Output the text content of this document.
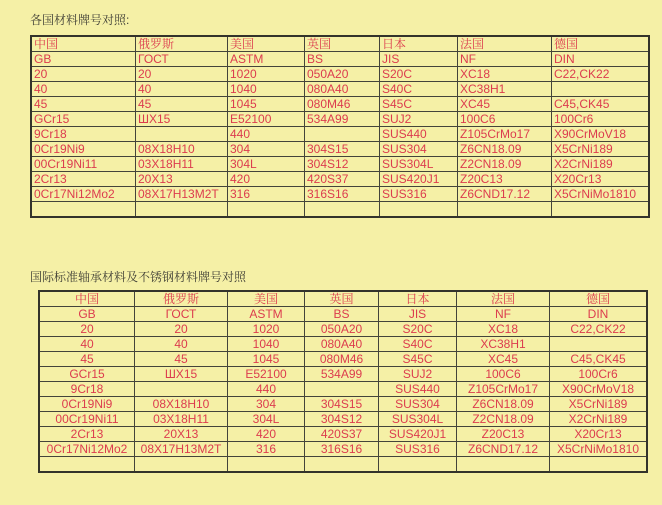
各国材料牌号对照:

中国	俄罗斯	美国	英国	日本	法国	德国
GB	ГОСТ	ASTM	BS	JIS	NF	DIN
20	20	1020	050A20	S20C	XC18	C22,CK22
40	40	1040	080A40	S40C	XC38H1	
45	45	1045	080M46	S45C	XC45	C45,CK45
GCr15	ШХ15	E52100	534A99	SUJ2	100C6	100Cr6
9Cr18		440		SUS440	Z105CrMo17	X90CrMoV18
0Cr19Ni9	08X18H10	304	304S15	SUS304	Z6CN18.09	X5CrNi189
00Cr19Ni11	03X18H11	304L	304S12	SUS304L	Z2CN18.09	X2CrNi189
2Cr13	20X13	420	420S37	SUS420J1	Z20C13	X20Cr13
0Cr17Ni12Mo2	08X17H13M2T	316	316S16	SUS316	Z6CND17.12	X5CrNiMo1810

国际标准轴承材料及不锈钢材料牌号对照

中国	俄罗斯	美国	英国	日本	法国	德国
GB	ГОСТ	ASTM	BS	JIS	NF	DIN
20	20	1020	050A20	S20C	XC18	C22,CK22
40	40	1040	080A40	S40C	XC38H1	
45	45	1045	080M46	S45C	XC45	C45,CK45
GCr15	ШХ15	E52100	534A99	SUJ2	100C6	100Cr6
9Cr18		440		SUS440	Z105CrMo17	X90CrMoV18
0Cr19Ni9	08X18H10	304	304S15	SUS304	Z6CN18.09	X5CrNi189
00Cr19Ni11	03X18H11	304L	304S12	SUS304L	Z2CN18.09	X2CrNi189
2Cr13	20X13	420	420S37	SUS420J1	Z20C13	X20Cr13
0Cr17Ni12Mo2	08X17H13M2T	316	316S16	SUS316	Z6CND17.12	X5CrNiMo1810
